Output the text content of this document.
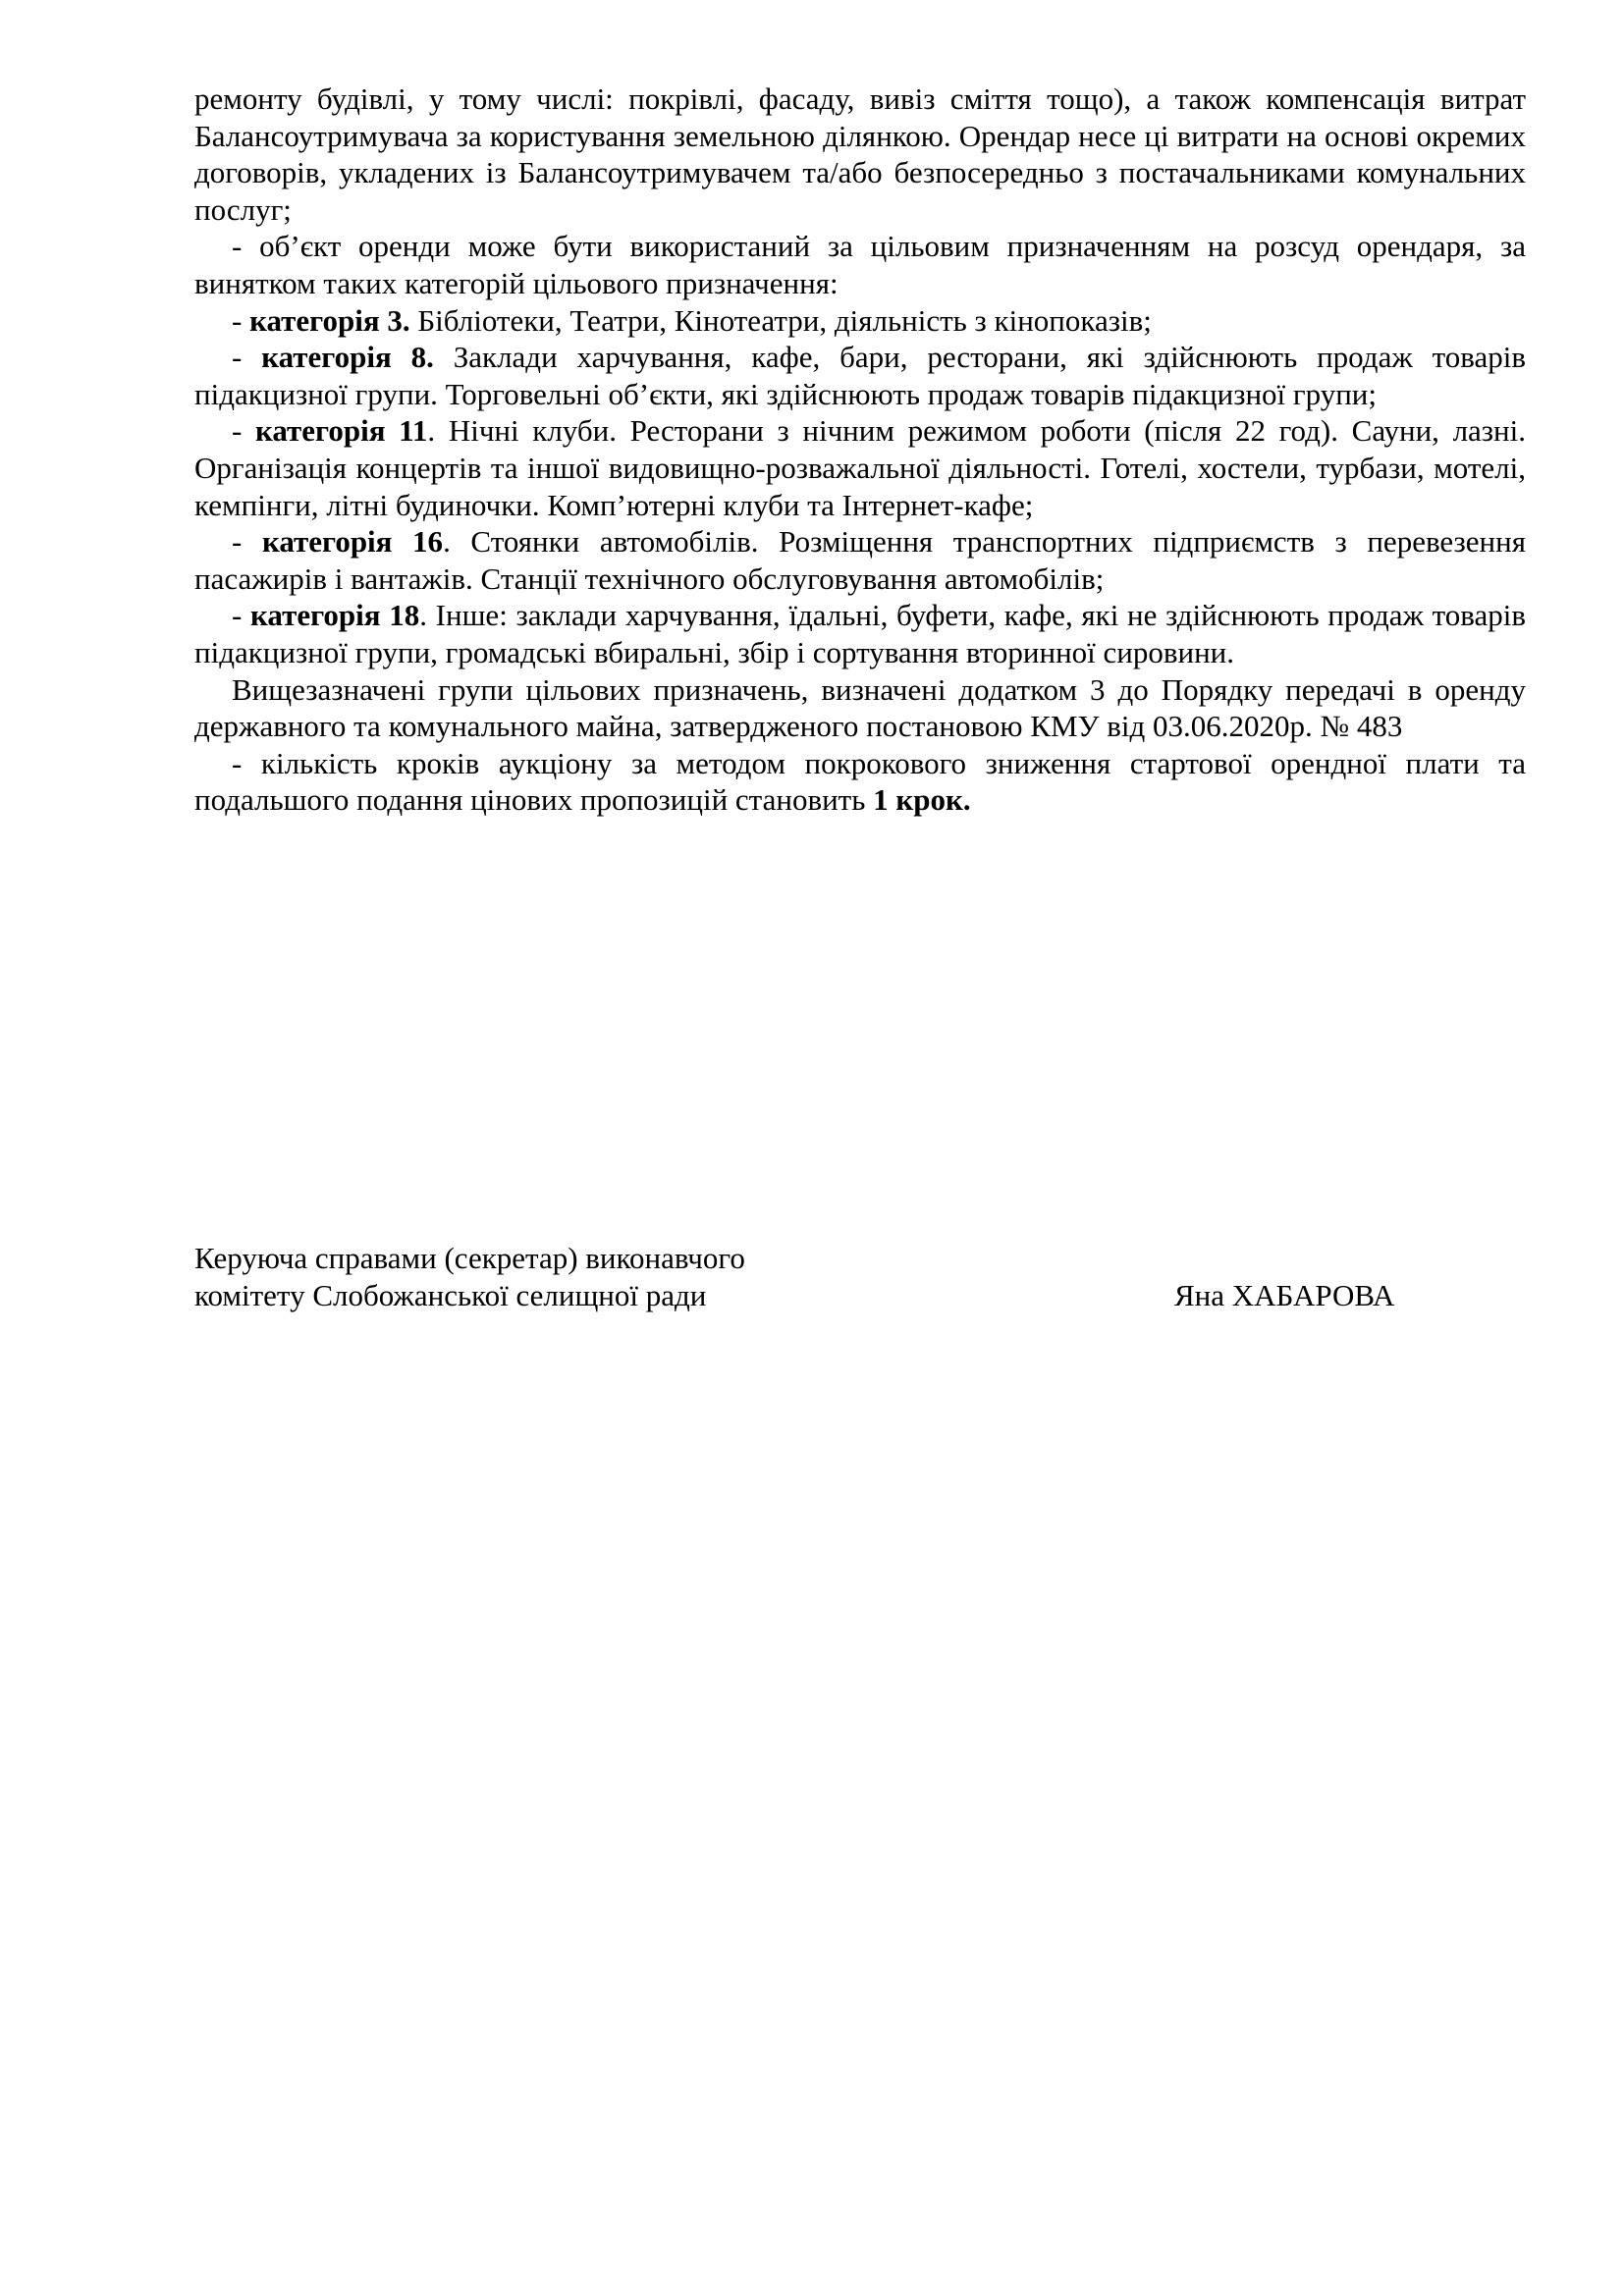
ремонту будівлі, у тому числі: покрівлі, фасаду, вивіз сміття тощо), а також компенсація витрат Балансоутримувача за користування земельною ділянкою. Орендар несе ці витрати на основі окремих договорів, укладених із Балансоутримувачем та/або безпосередньо з постачальниками комунальних послуг;

- об’єкт оренди може бути використаний за цільовим призначенням на розсуд орендаря, за винятком таких категорій цільового призначення:

- категорія 3. Бібліотеки, Театри, Кінотеатри, діяльність з кінопоказів;

- категорія 8. Заклади харчування, кафе, бари, ресторани, які здійснюють продаж товарів підакцизної групи. Торговельні об’єкти, які здійснюють продаж товарів підакцизної групи;

- категорія 11. Нічні клуби. Ресторани з нічним режимом роботи (після 22 год). Сауни, лазні. Організація концертів та іншої видовищно-розважальної діяльності. Готелі, хостели, турбази, мотелі, кемпінги, літні будиночки. Комп’ютерні клуби та Інтернет-кафе;

- категорія 16. Стоянки автомобілів. Розміщення транспортних підприємств з перевезення пасажирів і вантажів. Станції технічного обслуговування автомобілів;

- категорія 18. Інше: заклади харчування, їдальні, буфети, кафе, які не здійснюють продаж товарів підакцизної групи, громадські вбиральні, збір і сортування вторинної сировини.

Вищезазначені групи цільових призначень, визначені додатком 3 до Порядку передачі в оренду державного та комунального майна, затвердженого постановою КМУ від 03.06.2020р. № 483

- кількість кроків аукціону за методом покрокового зниження стартової орендної плати та подальшого подання цінових пропозицій становить 1 крок.

Керуюча справами (секретар) виконавчого
комітету Слобожанської селищної ради	Яна ХАБАРОВА
